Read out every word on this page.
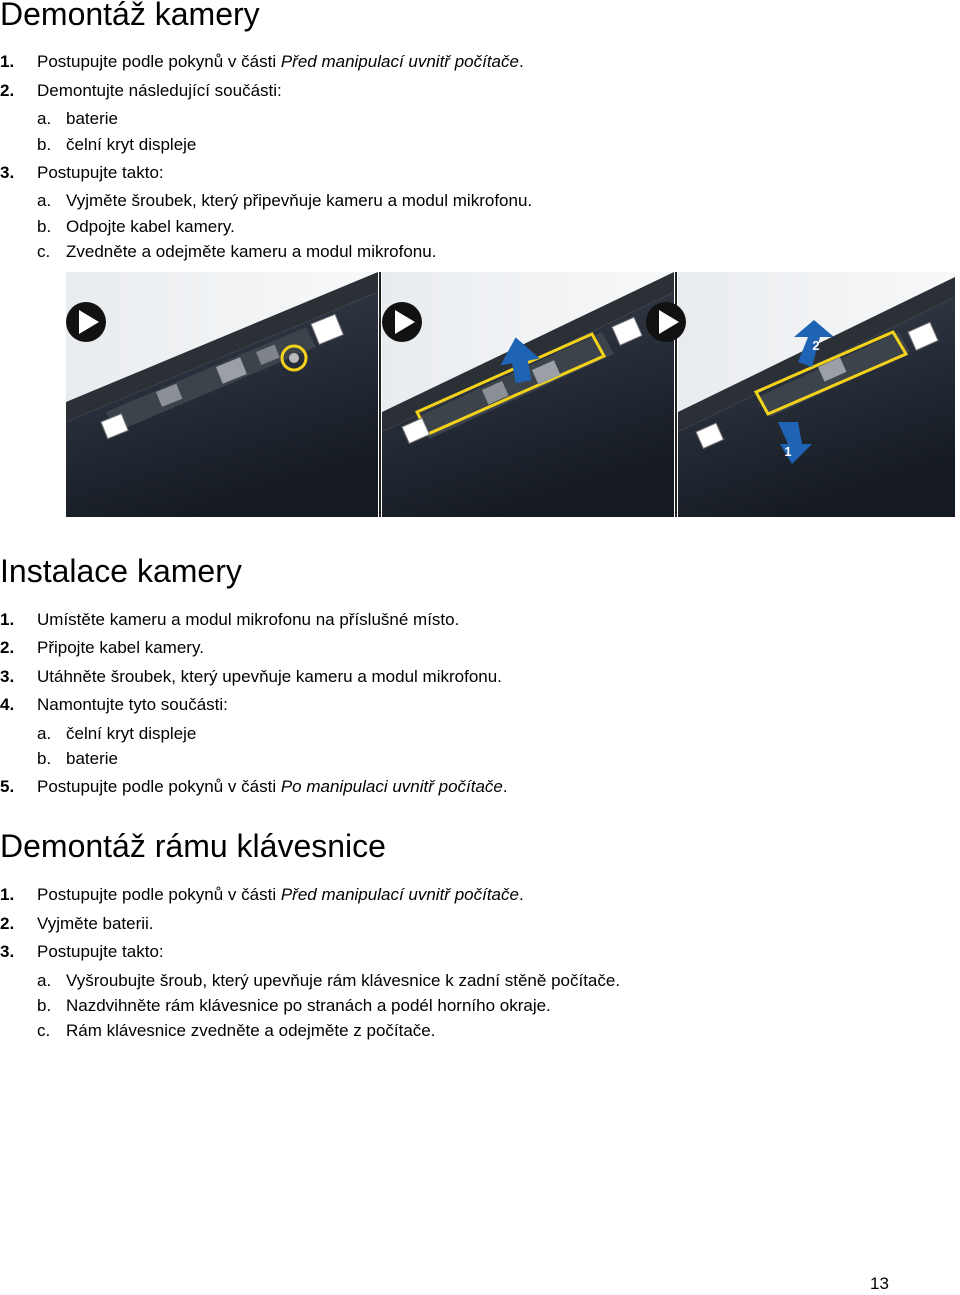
Demontáž kamery
1. Postupujte podle pokynů v části Před manipulací uvnitř počítače.
2. Demontujte následující součásti:
a. baterie
b. čelní kryt displeje
3. Postupujte takto:
a. Vyjměte šroubek, který připevňuje kameru a modul mikrofonu.
b. Odpojte kabel kamery.
c. Zvedněte a odejměte kameru a modul mikrofonu.
1
2
Instalace kamery
1. Umístěte kameru a modul mikrofonu na příslušné místo.
2. Připojte kabel kamery.
3. Utáhněte šroubek, který upevňuje kameru a modul mikrofonu.
4. Namontujte tyto součásti:
a. čelní kryt displeje
b. baterie
5. Postupujte podle pokynů v části Po manipulaci uvnitř počítače.
Demontáž rámu klávesnice
1. Postupujte podle pokynů v části Před manipulací uvnitř počítače.
2. Vyjměte baterii.
3. Postupujte takto:
a. Vyšroubujte šroub, který upevňuje rám klávesnice k zadní stěně počítače.
b. Nazdvihněte rám klávesnice po stranách a podél horního okraje.
c. Rám klávesnice zvedněte a odejměte z počítače.
13
